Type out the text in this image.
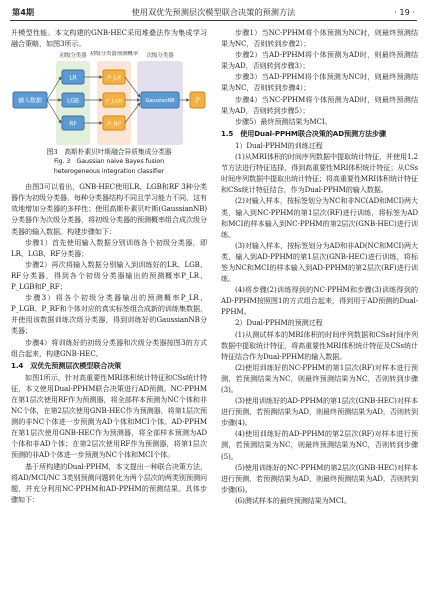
第4期	使用双优先预测层次模型联合决策的预测方法	· 19 ·

升模型性能。本文构建的GNB-HEC采用堆叠法作为集成学习融合策略，如图3所示。

初级分类器 初级分类器预测概率 次级分类器
输入数据
LR
LGB
RF
P_LR
P_LGB
P_RF
GaussianNB	P
图3　高斯朴素贝叶斯融合异质集成分类器
Fig. 3　Gaussian naive Bayes fusion
heterogeneous integration classifier

由图3可以看出，GNB-HEC使用LR、LGB和RF 3种分类器作为初级分类器，每种分类器结构不同且学习能力不同，这有效地增加分类器的多样性；使用高斯朴素贝叶斯(GaussianNB)分类器作为次级分类器，将初级分类器的预测概率组合成次级分类器的输入数据。构建步骤如下：

步骤1）首先使用输入数据分别训练各个初级分类器，即LR、LGB、RF分类器；

步骤2）再次将输入数据分别输入到训练好的LR、LGB、RF分类器，得到各个初级分类器输出的预测概率P_LR、P_LGB和P_RF；

步骤3）将各个初级分类器输出的预测概率P_LR、P_LGB、P_RF和个体对应的真实标签组合成新的训练集数据，并使用该数据训练次级分类器，得到训练好的GaussianNB分类器；

步骤4）将训练好的初级分类器和次级分类器按图3的方式组合起来，构建GNB-HEC。

1.4　双优先预测层次模型联合决策

如图1所示，针对高重要性MRI体积统计特征和CSs统计特征，本文使用Dual-PPHM联合决策进行AD预测。NC-PPHM在第1层次使用RF作为预测器，将全部样本预测为NC个体和非NC个体，在第2层次使用GNB-HEC作为预测器，将第1层次预测的非NC个体进一步预测为AD个体和MCI个体。AD-PPHM在第1层次使用GNB-HEC作为预测器，将全部样本预测为AD个体和非AD个体；在第2层次使用RF作为预测器，将第1层次预测的非AD个体进一步预测为NC个体和MCI个体。

基于所构建的Dual-PPHM，本文提出一种联合决策方法，将AD/MCI/NC 3类别预测问题转化为两个层次的两类别预测问题，并充分利用NC-PPHM和AD-PPHM的预测结果。具体步骤如下：

步骤1）当NC-PPHM将个体预测为NC时，则最终预测结果为NC，否则转到步骤2）；

步骤2）当AD-PPHM将个体预测为AD时，则最终预测结果为AD，否则转到步骤3）；

步骤3）当AD-PPHM将个体预测为NC时，则最终预测结果为NC，否则转到步骤4）；

步骤4）当NC-PPHM将个体预测为AD时，则最终预测结果为AD，否则转到步骤5）；

步骤5）最终预测结果为MCI。

1.5　使用Dual-PPHM联合决策的AD预测方法步骤

1）Dual-PPHM的训练过程

(1)从MRI体积的时间序列数据中提取统计特征，并使用1.2节方法进行特征选择，得到高重要性MRI体积统计特征；从CSs时间序列数据中提取出统计特征；将高重要性MRI体积统计特征和CSs统计特征结合，作为Dual-PPHM的输入数据。

(2)对输入样本，按标签划分为NC和非NC(AD和MCI)两大类，输入到NC-PPHM的第1层次(RF)进行训练，将标签为AD和MCI的样本输入到NC-PPHM的第2层次(GNB-HEC)进行训练。

(3)对输入样本，按标签划分为AD和非AD(NC和MCI)两大类，输入到AD-PPHM的第1层次(GNB-HEC)进行训练，将标签为NC和MCI的样本输入到AD-PPHM的第2层次(RF)进行训练。

(4)将步骤(2)训练得到的NC-PPHM和步骤(3)训练得到的AD-PPHM按照图1的方式组合起来，得到用于AD预测的Dual-PPHM。

2）Dual-PPHM的预测过程

(1)从测试样本的MRI体积的时间序列数据和CSs时间序列数据中提取统计特征，将高重要性MRI体积统计特征及CSs统计特征结合作为Dual-PPHM的输入数据。

(2)使用训练好的NC-PPHM的第1层次(RF)对样本进行预测，若预测结果为NC，则最终预测结果为NC，否则转到步骤(3)。

(3)使用训练好的AD-PPHM的第1层次(GNB-HEC)对样本进行预测，若预测结果为AD，则最终预测结果为AD，否则转到步骤(4)。

(4)使用训练好的AD-PPHM的第2层次(RF)对样本进行预测，若预测结果为NC，则最终预测结果为NC，否则转到步骤(5)。

(5)使用训练好的NC-PPHM的第2层次(GNB-HEC)对样本进行预测，若预测结果为AD，则最终预测结果为AD，否则转到步骤(6)。

(6)测试样本的最终预测结果为MCI。
